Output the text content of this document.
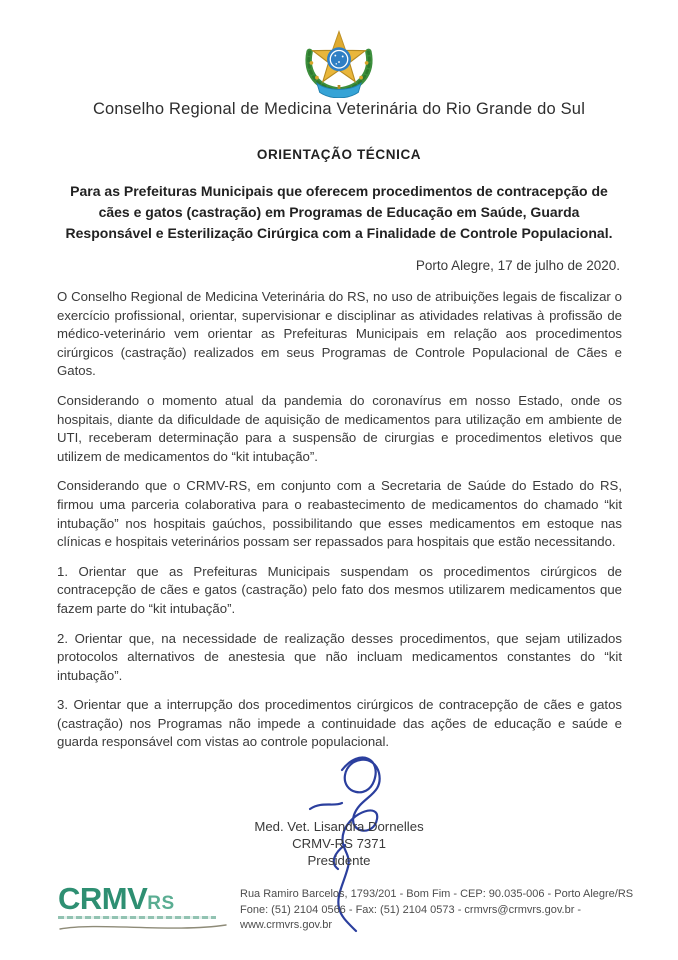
Conselho Regional de Medicina Veterinária do Rio Grande do Sul
ORIENTAÇÃO TÉCNICA
Para as Prefeituras Municipais que oferecem procedimentos de contracepção de cães e gatos (castração) em Programas de Educação em Saúde, Guarda Responsável e Esterilização Cirúrgica com a Finalidade de Controle Populacional.
Porto Alegre, 17 de julho de 2020.

O Conselho Regional de Medicina Veterinária do RS, no uso de atribuições legais de fiscalizar o exercício profissional, orientar, supervisionar e disciplinar as atividades relativas à profissão de médico-veterinário vem orientar as Prefeituras Municipais em relação aos procedimentos cirúrgicos (castração) realizados em seus Programas de Controle Populacional de Cães e Gatos.

Considerando o momento atual da pandemia do coronavírus em nosso Estado, onde os hospitais, diante da dificuldade de aquisição de medicamentos para utilização em ambiente de UTI, receberam determinação para a suspensão de cirurgias e procedimentos eletivos que utilizem de medicamentos do “kit intubação”.

Considerando que o CRMV-RS, em conjunto com a Secretaria de Saúde do Estado do RS, firmou uma parceria colaborativa para o reabastecimento de medicamentos do chamado “kit intubação” nos hospitais gaúchos, possibilitando que esses medicamentos em estoque nas clínicas e hospitais veterinários possam ser repassados para hospitais que estão necessitando.

1. Orientar que as Prefeituras Municipais suspendam os procedimentos cirúrgicos de contracepção de cães e gatos (castração) pelo fato dos mesmos utilizarem medicamentos que fazem parte do “kit intubação”.

2. Orientar que, na necessidade de realização desses procedimentos, que sejam utilizados protocolos alternativos de anestesia que não incluam medicamentos constantes do “kit intubação”.

3. Orientar que a interrupção dos procedimentos cirúrgicos de contracepção de cães e gatos (castração) nos Programas não impede a continuidade das ações de educação e saúde e guarda responsável com vistas ao controle populacional.

Med. Vet. Lisandra Dornelles
CRMV-RS 7371
Presidente
CRMVRS	Rua Ramiro Barcelos, 1793/201 - Bom Fim - CEP: 90.035-006 - Porto Alegre/RS
Fone: (51) 2104 0566 - Fax: (51) 2104 0573 - crmvrs@crmvrs.gov.br - www.crmvrs.gov.br
